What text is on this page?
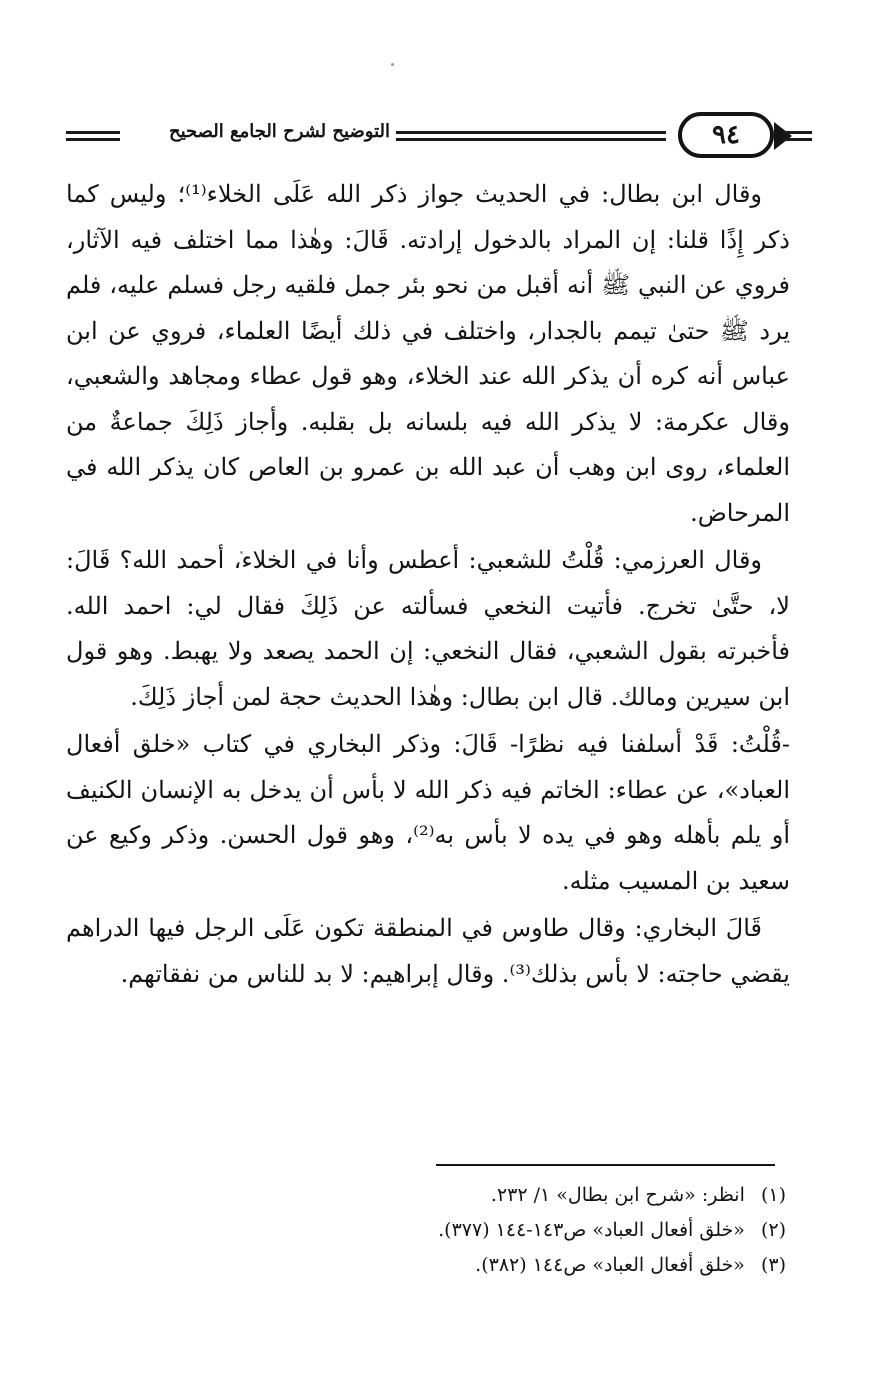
التوضيح لشرح الجامع الصحيح	٩٤

وقال ابن بطال: في الحديث جواز ذكر الله عَلَى الخلاء⁽¹⁾؛ وليس كما ذكر إِذًا قلنا: إن المراد بالدخول إرادته. قَالَ: وهٰذا مما اختلف فيه الآثار، فروي عن النبي ﷺ أنه أقبل من نحو بئر جمل فلقيه رجل فسلم عليه، فلم يرد ﷺ حتىٰ تيمم بالجدار، واختلف في ذلك أيضًا العلماء، فروي عن ابن عباس أنه كره أن يذكر الله عند الخلاء، وهو قول عطاء ومجاهد والشعبي، وقال عكرمة: لا يذكر الله فيه بلسانه بل بقلبه. وأجاز ذَلِكَ جماعةٌ من العلماء، روى ابن وهب أن عبد الله بن عمرو بن العاص كان يذكر الله في المرحاض.

وقال العرزمي: قُلْتُ للشعبي: أعطس وأنا في الخلاء، أحمد الله؟ قَالَ: لا، حتَّىٰ تخرج. فأتيت النخعي فسألته عن ذَلِكَ فقال لي: احمد الله. فأخبرته بقول الشعبي، فقال النخعي: إن الحمد يصعد ولا يهبط. وهو قول ابن سيرين ومالك. قال ابن بطال: وهٰذا الحديث حجة لمن أجاز ذَلِكَ.

-قُلْتُ: قَدْ أسلفنا فيه نظرًا- قَالَ: وذكر البخاري في كتاب «خلق أفعال العباد»، عن عطاء: الخاتم فيه ذكر الله لا بأس أن يدخل به الإنسان الكنيف أو يلم بأهله وهو في يده لا بأس به⁽²⁾، وهو قول الحسن. وذكر وكيع عن سعيد بن المسيب مثله.

قَالَ البخاري: وقال طاوس في المنطقة تكون عَلَى الرجل فيها الدراهم يقضي حاجته: لا بأس بذلك⁽³⁾. وقال إبراهيم: لا بد للناس من نفقاتهم.

(١) انظر: «شرح ابن بطال» ١/ ٢٣٢.
(٢) «خلق أفعال العباد» ص١٤٣-١٤٤ (٣٧٧).
(٣) «خلق أفعال العباد» ص١٤٤ (٣٨٢).
